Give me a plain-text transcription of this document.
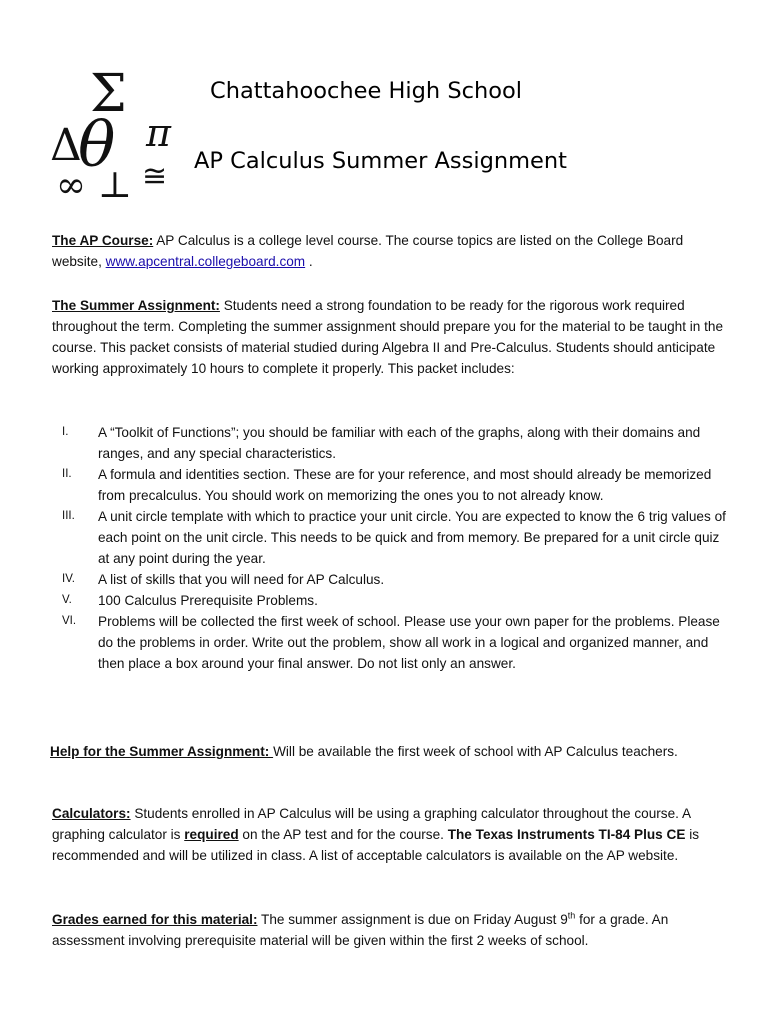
Σ
Δ
θ π
∞ ⊥ ≅
Chattahoochee High School
AP Calculus Summer Assignment
The AP Course: AP Calculus is a college level course. The course topics are listed on the College Board website, www.apcentral.collegeboard.com .
The Summer Assignment: Students need a strong foundation to be ready for the rigorous work required throughout the term. Completing the summer assignment should prepare you for the material to be taught in the course. This packet consists of material studied during Algebra II and Pre-Calculus. Students should anticipate working approximately 10 hours to complete it properly. This packet includes:
I.	A “Toolkit of Functions”; you should be familiar with each of the graphs, along with their domains and ranges, and any special characteristics.
II.	A formula and identities section. These are for your reference, and most should already be memorized from precalculus. You should work on memorizing the ones you to not already know.
III.	A unit circle template with which to practice your unit circle. You are expected to know the 6 trig values of each point on the unit circle. This needs to be quick and from memory. Be prepared for a unit circle quiz at any point during the year.
IV.	A list of skills that you will need for AP Calculus.
V.	100 Calculus Prerequisite Problems.
VI.	Problems will be collected the first week of school. Please use your own paper for the problems. Please do the problems in order. Write out the problem, show all work in a logical and organized manner, and then place a box around your final answer. Do not list only an answer.
Help for the Summer Assignment: Will be available the first week of school with AP Calculus teachers.
Calculators: Students enrolled in AP Calculus will be using a graphing calculator throughout the course. A graphing calculator is required on the AP test and for the course. The Texas Instruments TI-84 Plus CE is recommended and will be utilized in class. A list of acceptable calculators is available on the AP website.
Grades earned for this material: The summer assignment is due on Friday August 9th for a grade. An assessment involving prerequisite material will be given within the first 2 weeks of school.
